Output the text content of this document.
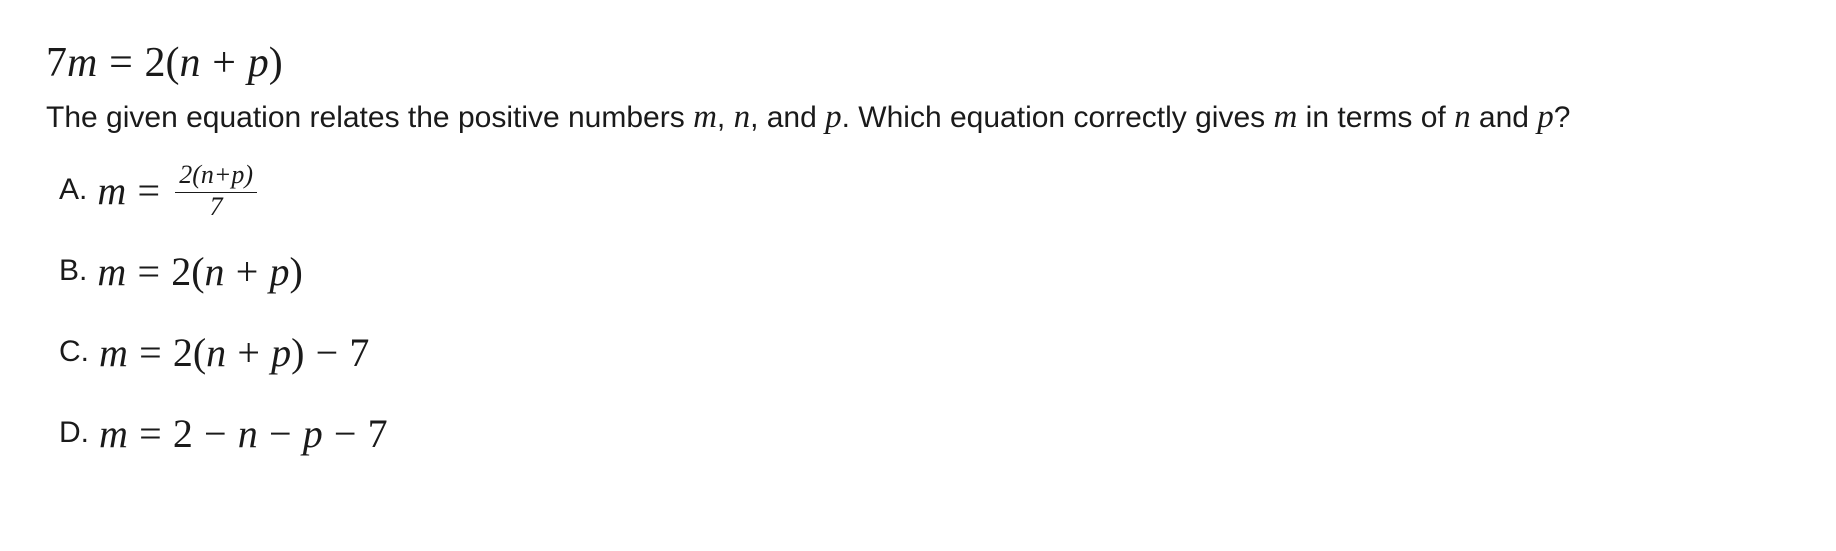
7m = 2(n + p)
The given equation relates the positive numbers m, n, and p. Which equation correctly gives m in terms of n and p?
A. $m = \frac{2(n+p)}{7}$
B. m = 2 ( n + p )
C. m = 2 ( n + p ) − 7
D. m = 2 − n − p − 7
